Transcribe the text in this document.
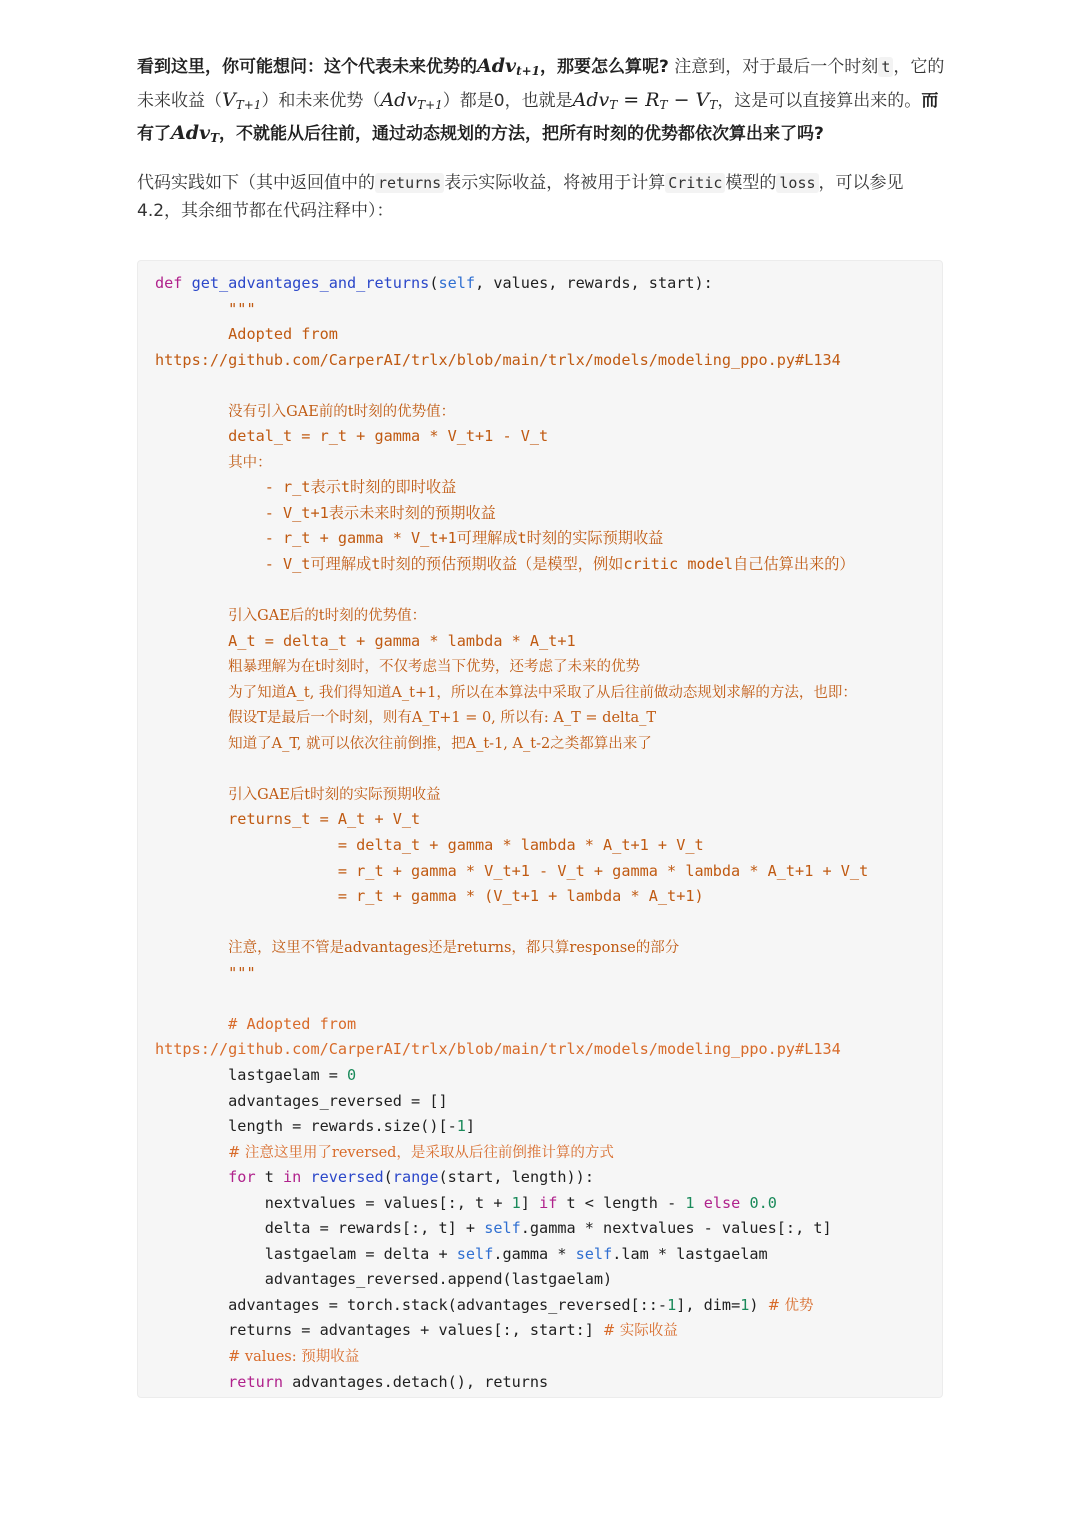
看到这里，你可能想问：这个代表未来优势的Adv$_{t+1}$，那要怎么算呢? 注意到，对于最后一个时刻 t ，它的未来收益$(V_{T+1})$和未来优势（Adv$_{T+1}$）都是0，也就是$Adv_T = R_T - V_T$，这是可以直接算出来的。而有了Adv$_T$，不就能从后往前，通过动态规划的方法，把所有时刻的优势都依次算出来了吗?

代码实践如下（其中返回值中的 returns 表示实际收益，将被用于计算 Critic 模型的 loss ，可以参见4.2，其余细节都在代码注释中）：

def get_advantages_and_returns(self, values, rewards, start):
"""
Adopted from
https://github.com/CarperAI/trlx/blob/main/trlx/models/modeling_ppo.py#L134

没有引入GAE前的t时刻的优势值：
detal_t = r_t + gamma * V_t+1 - V_t
其中：
- r_t表示t时刻的即时收益
- V_t+1表示未来时刻的预期收益
- r_t + gamma * V_t+1可理解成t时刻的实际预期收益
- V_t可理解成t时刻的预估预期收益（是模型，例如critic model自己估算出来的）

引入GAE后的t时刻的优势值：
A_t = delta_t + gamma * lambda * A_t+1
粗暴理解为在t时刻时，不仅考虑当下优势，还考虑了未来的优势
为了知道A_t, 我们得知道A_t+1，所以在本算法中采取了从后往前做动态规划求解的方法，也即：
假设T是最后一个时刻，则有A_T+1 = 0, 所以有: A_T = delta_T
知道了A_T, 就可以依次往前倒推，把A_t-1, A_t-2之类都算出来了

引入GAE后t时刻的实际预期收益
returns_t = A_t + V_t
= delta_t + gamma * lambda * A_t+1 + V_t
= r_t + gamma * V_t+1 - V_t + gamma * lambda * A_t+1 + V_t
= r_t + gamma * (V_t+1 + lambda * A_t+1)

注意，这里不管是advantages还是returns，都只算response的部分
"""

# Adopted from
https://github.com/CarperAI/trlx/blob/main/trlx/models/modeling_ppo.py#L134
lastgaelam = 0
advantages_reversed = []
length = rewards.size()[-1]
# 注意这里用了reversed，是采取从后往前倒推计算的方式
for t in reversed(range(start, length)):
nextvalues = values[:, t + 1] if t < length - 1 else 0.0
delta = rewards[:, t] + self.gamma * nextvalues - values[:, t]
lastgaelam = delta + self.gamma * self.lam * lastgaelam
advantages_reversed.append(lastgaelam)
advantages = torch.stack(advantages_reversed[::-1], dim=1) # 优势
returns = advantages + values[:, start:] # 实际收益
# values: 预期收益
return advantages.detach(), returns
